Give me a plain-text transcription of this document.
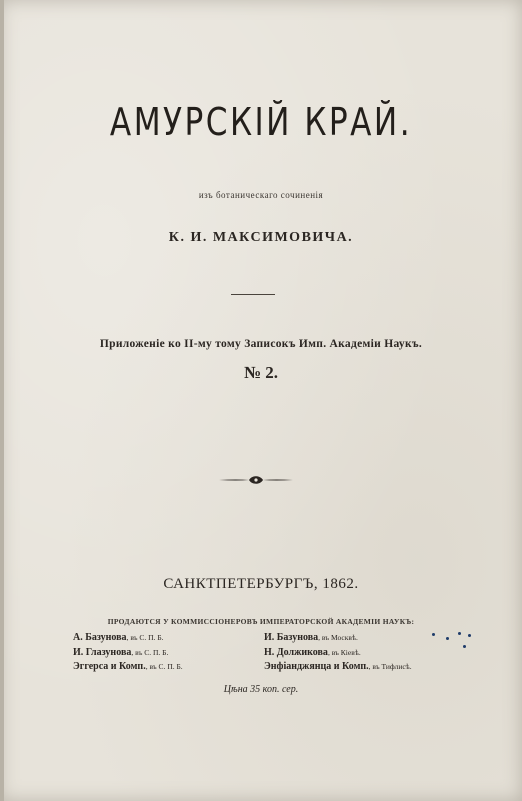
АМУРСКІЙ КРАЙ.
изъ ботаническаго сочиненія
К. И. МАКСИМОВИЧА.
Приложеніе ко II-му тому Записокъ Имп. Академіи Наукъ.
№ 2.
САНКТПЕТЕРБУРГЪ, 1862.
ПРОДАЮТСЯ У КОММИССІОНЕРОВЪ ИМПЕРАТОРСКОЙ АКАДЕМІИ НАУКЪ:
А. Базунова, въ С. П. Б.
И. Глазунова, въ С. П. Б.
Эггерса и Комп., въ С. П. Б.
И. Базунова, въ Москвѣ.
Н. Должикова, въ Кіевѣ.
Энфіанджянца и Комп., въ Тифлисѣ.
Цѣна 35 коп. сер.
